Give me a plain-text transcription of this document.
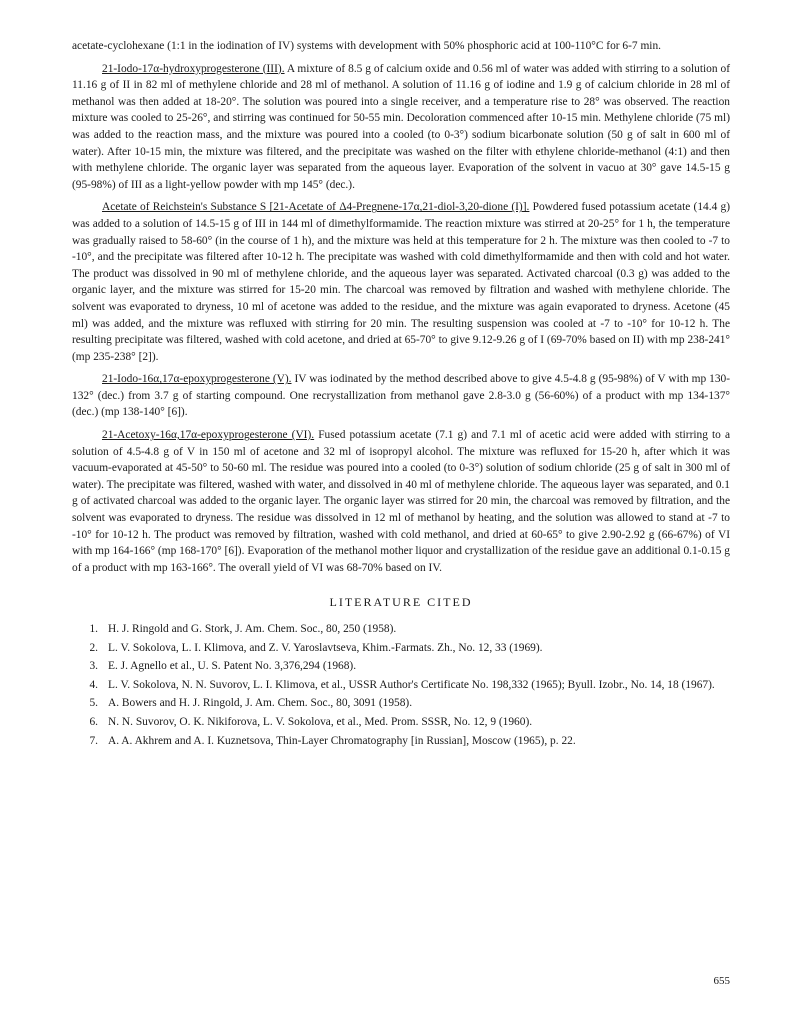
acetate-cyclohexane (1:1 in the iodination of IV) systems with development with 50% phosphoric acid at 100-110°C for 6-7 min.

21-Iodo-17α-hydroxyprogesterone (III). A mixture of 8.5 g of calcium oxide and 0.56 ml of water was added with stirring to a solution of 11.16 g of II in 82 ml of methylene chloride and 28 ml of methanol. A solution of 11.16 g of iodine and 1.9 g of calcium chloride in 28 ml of methanol was then added at 18-20°. The solution was poured into a single receiver, and a temperature rise to 28° was observed. The reaction mixture was cooled to 25-26°, and stirring was continued for 50-55 min. Decoloration commenced after 10-15 min. Methylene chloride (75 ml) was added to the reaction mass, and the mixture was poured into a cooled (to 0-3°) sodium bicarbonate solution (50 g of salt in 600 ml of water). After 10-15 min, the mixture was filtered, and the precipitate was washed on the filter with ethylene chloride-methanol (4:1) and then with methylene chloride. The organic layer was separated from the aqueous layer. Evaporation of the solvent in vacuo at 30° gave 14.5-15 g (95-98%) of III as a light-yellow powder with mp 145° (dec.).

Acetate of Reichstein's Substance S [21-Acetate of Δ4-Pregnene-17α,21-diol-3,20-dione (I)]. Powdered fused potassium acetate (14.4 g) was added to a solution of 14.5-15 g of III in 144 ml of dimethylformamide. The reaction mixture was stirred at 20-25° for 1 h, the temperature was gradually raised to 58-60° (in the course of 1 h), and the mixture was held at this temperature for 2 h. The mixture was then cooled to -7 to -10°, and the precipitate was filtered after 10-12 h. The precipitate was washed with cold dimethylformamide and then with cold and hot water. The product was dissolved in 90 ml of methylene chloride, and the aqueous layer was separated. Activated charcoal (0.3 g) was added to the organic layer, and the mixture was stirred for 15-20 min. The charcoal was removed by filtration and washed with methylene chloride. The solvent was evaporated to dryness, 10 ml of acetone was added to the residue, and the mixture was again evaporated to dryness. Acetone (45 ml) was added, and the mixture was refluxed with stirring for 20 min. The resulting suspension was cooled at -7 to -10° for 10-12 h. The resulting precipitate was filtered, washed with cold acetone, and dried at 65-70° to give 9.12-9.26 g of I (69-70% based on II) with mp 238-241° (mp 235-238° [2]).

21-Iodo-16α,17α-epoxyprogesterone (V). IV was iodinated by the method described above to give 4.5-4.8 g (95-98%) of V with mp 130-132° (dec.) from 3.7 g of starting compound. One recrystallization from methanol gave 2.8-3.0 g (56-60%) of a product with mp 134-137° (dec.) (mp 138-140° [6]).

21-Acetoxy-16α,17α-epoxyprogesterone (VI). Fused potassium acetate (7.1 g) and 7.1 ml of acetic acid were added with stirring to a solution of 4.5-4.8 g of V in 150 ml of acetone and 32 ml of isopropyl alcohol. The mixture was refluxed for 15-20 h, after which it was vacuum-evaporated at 45-50° to 50-60 ml. The residue was poured into a cooled (to 0-3°) solution of sodium chloride (25 g of salt in 300 ml of water). The precipitate was filtered, washed with water, and dissolved in 40 ml of methylene chloride. The aqueous layer was separated, and 0.1 g of activated charcoal was added to the organic layer. The organic layer was stirred for 20 min, the charcoal was removed by filtration, and the solvent was evaporated to dryness. The residue was dissolved in 12 ml of methanol by heating, and the solution was allowed to stand at -7 to -10° for 10-12 h. The product was removed by filtration, washed with cold methanol, and dried at 60-65° to give 2.90-2.92 g (66-67%) of VI with mp 164-166° (mp 168-170° [6]). Evaporation of the methanol mother liquor and crystallization of the residue gave an additional 0.1-0.15 g of a product with mp 163-166°. The overall yield of VI was 68-70% based on IV.

LITERATURE CITED
1. H. J. Ringold and G. Stork, J. Am. Chem. Soc., 80, 250 (1958).
2. L. V. Sokolova, L. I. Klimova, and Z. V. Yaroslavtseva, Khim.-Farmats. Zh., No. 12, 33 (1969).
3. E. J. Agnello et al., U. S. Patent No. 3,376,294 (1968).
4. L. V. Sokolova, N. N. Suvorov, L. I. Klimova, et al., USSR Author's Certificate No. 198,332 (1965); Byull. Izobr., No. 14, 18 (1967).
5. A. Bowers and H. J. Ringold, J. Am. Chem. Soc., 80, 3091 (1958).
6. N. N. Suvorov, O. K. Nikiforova, L. V. Sokolova, et al., Med. Prom. SSSR, No. 12, 9 (1960).
7. A. A. Akhrem and A. I. Kuznetsova, Thin-Layer Chromatography [in Russian], Moscow (1965), p. 22.
655
